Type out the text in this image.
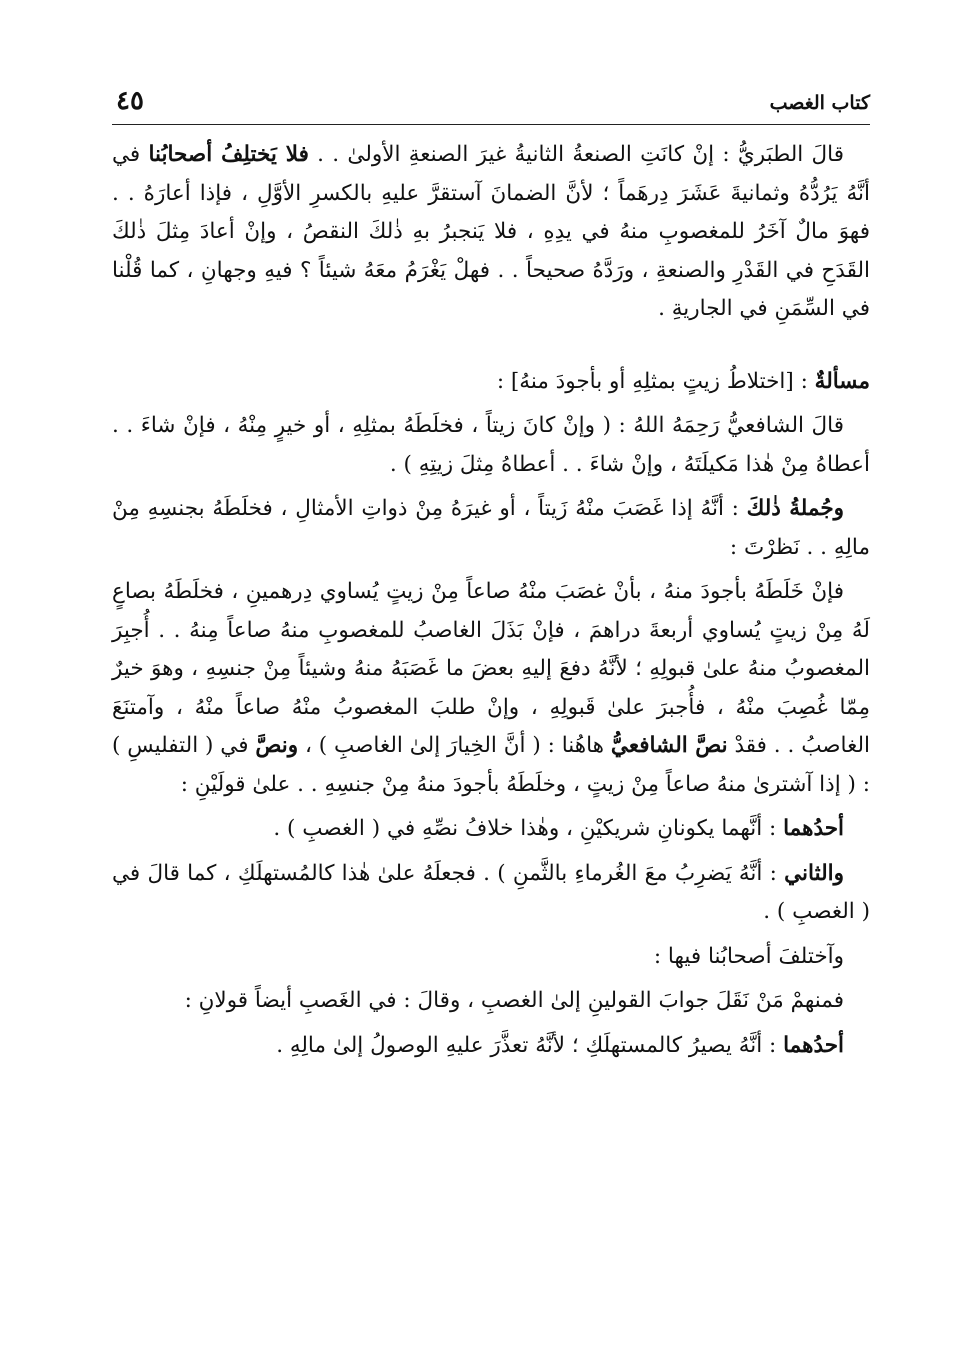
كتاب الغصب
٤٥

قالَ الطبَريُّ : إنْ كانَتِ الصنعةُ الثانيةُ غيرَ الصنعةِ الأولىٰ . . فلا يَختلِفُ أصحابُنا في أنَّهُ يَرُدُّهُ وثمانيةَ عَشَرَ دِرهَماً ؛ لأنَّ الضمانَ آستقرَّ عليهِ بالكسرِ الأوَّلِ ، فإذا أعارَهُ . . فهوَ مالٌ آخَرُ للمغصوبِ منهُ في يدِهِ ، فلا يَنجبرُ بهِ ذٰلكَ النقصُ ، وإنْ أعادَ مِثلَ ذٰلكَ القَدَحِ في القَدْرِ والصنعةِ ، ورَدَّهُ صحيحاً . . فهلْ يَغْرَمُ معَهُ شيئاً ؟ فيهِ وجهانِ ، كما قُلْنا في السِّمَنِ في الجاريةِ .

مسألةٌ : [اختلاطُ زيتٍ بمثلِهِ أو بأجودَ منهُ] :

قالَ الشافعيُّ رَحِمَهُ اللهُ : ( وإنْ كانَ زيتاً ، فخلَطَهُ بمثلِهِ ، أو خيرٍ مِنْهُ ، فإنْ شاءَ . . أعطاهُ مِنْ هٰذا مَكيلَتَهُ ، وإنْ شاءَ . . أعطاهُ مِثلَ زيتِهِ ) .

وجُملةُ ذٰلكَ : أنَّهُ إذا غَصَبَ منْهُ زَيتاً ، أو غيرَهُ مِنْ ذواتِ الأمثالِ ، فخلَطَهُ بجنسِهِ مِنْ مالِهِ . . نَظرْتَ :

فإنْ خَلَطَهُ بأجودَ منهُ ، بأنْ غصَبَ منْهُ صاعاً مِنْ زيتٍ يُساوي دِرهمينِ ، فخلَطَهُ بصاعٍ لَهُ مِنْ زيتٍ يُساوي أربعةَ دراهمَ ، فإنْ بَذَلَ الغاصبُ للمغصوبِ منهُ صاعاً مِنهُ . . أُجبِرَ المغصوبُ منهُ علىٰ قبولِهِ ؛ لأنَّهُ دفعَ إليهِ بعضَ ما غَصَبَهُ منهُ وشيئاً مِنْ جنسِهِ ، وهوَ خيرٌ مِمّا غُصِبَ منْهُ ، فأُجبرَ علىٰ قَبولِهِ ، وإنْ طلبَ المغصوبُ منْهُ صاعاً منْهُ ، وآمتنَعَ الغاصبُ . . فقدْ نصَّ الشافعيُّ هاهُنا : ( أنَّ الخِيارَ إلىٰ الغاصبِ ) ، ونصَّ في ( التفليسِ ) : ( إذا آشترىٰ منهُ صاعاً مِنْ زيتٍ ، وخلَطَهُ بأجودَ منهُ مِنْ جنسِهِ . . علىٰ قولَيْنِ :

أحدُهما : أنَّهما يكونانِ شريكيْنِ ، وهٰذا خلافُ نصِّهِ في ( الغصبِ ) .

والثاني : أنَّهُ يَضرِبُ معَ الغُرماءِ بالثَّمنِ ) . فجعلَهُ علىٰ هٰذا كالمُستهلَكِ ، كما قالَ في ( الغصبِ ) .

وآختلفَ أصحابُنا فيها :

فمنهمْ مَنْ نَقَلَ جوابَ القولينِ إلىٰ الغصبِ ، وقالَ : في الغَصبِ أيضاً قولانِ :

أحدُهما : أنَّهُ يصيرُ كالمستهلَكِ ؛ لأنَّهُ تعذَّرَ عليهِ الوصولُ إلىٰ مالِهِ .
